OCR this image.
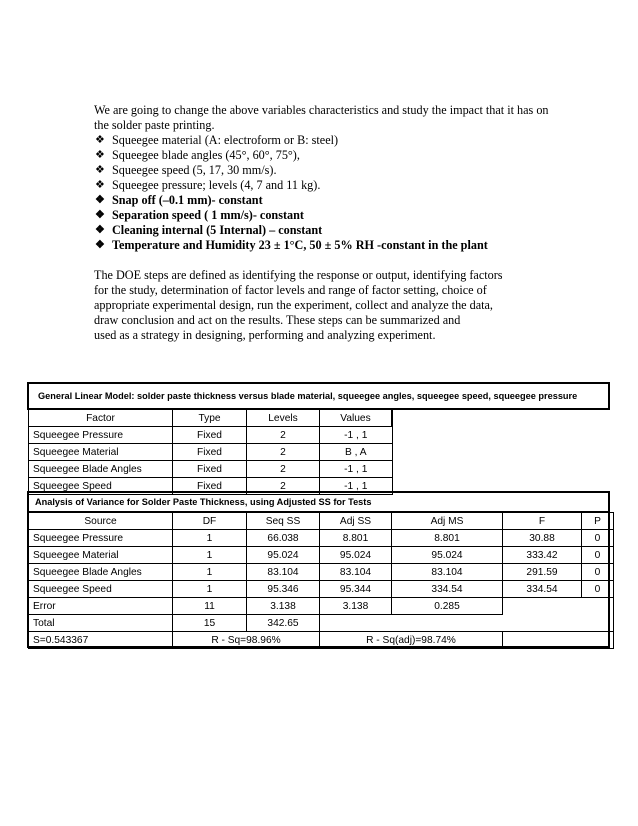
We are going to change the above variables characteristics and study the impact that it has on the solder paste printing.

❖ Squeegee material (A: electroform or B: steel)
❖ Squeegee blade angles (45°, 60°, 75°),
❖ Squeegee speed (5, 17, 30 mm/s).
❖ Squeegee pressure; levels (4, 7 and 11 kg).
❖ Snap off (–0.1 mm)- constant
❖ Separation speed ( 1 mm/s)- constant
❖ Cleaning internal (5 Internal) – constant
❖ Temperature and Humidity 23 ± 1°C, 50 ± 5% RH -constant in the plant

The DOE steps are defined as identifying the response or output, identifying factors
for the study, determination of factor levels and range of factor setting, choice of
appropriate experimental design, run the experiment, collect and analyze the data,
draw conclusion and act on the results. These steps can be summarized and
used as a strategy in designing, performing and analyzing experiment.

General Linear Model: solder paste thickness versus blade material, squeegee angles, squeegee speed, squeegee pressure
Factor	Type	Levels	Values
Squeegee Pressure	Fixed	2	-1 , 1
Squeegee Material	Fixed	2	B , A
Squeegee Blade Angles	Fixed	2	-1 , 1
Squeegee Speed	Fixed	2	-1 , 1
Analysis of Variance for Solder Paste Thickness, using Adjusted SS for Tests
Source	DF	Seq SS	Adj SS	Adj MS	F	P
Squeegee Pressure	1	66.038	8.801	8.801	30.88	0
Squeegee Material	1	95.024	95.024	95.024	333.42	0
Squeegee Blade Angles	1	83.104	83.104	83.104	291.59	0
Squeegee Speed	1	95.346	95.344	334.54	334.54	0
Error	11	3.138	3.138	0.285		
Total	15	342.65				
S=0.543367	R - Sq=98.96%		R - Sq(adj)=98.74%			
